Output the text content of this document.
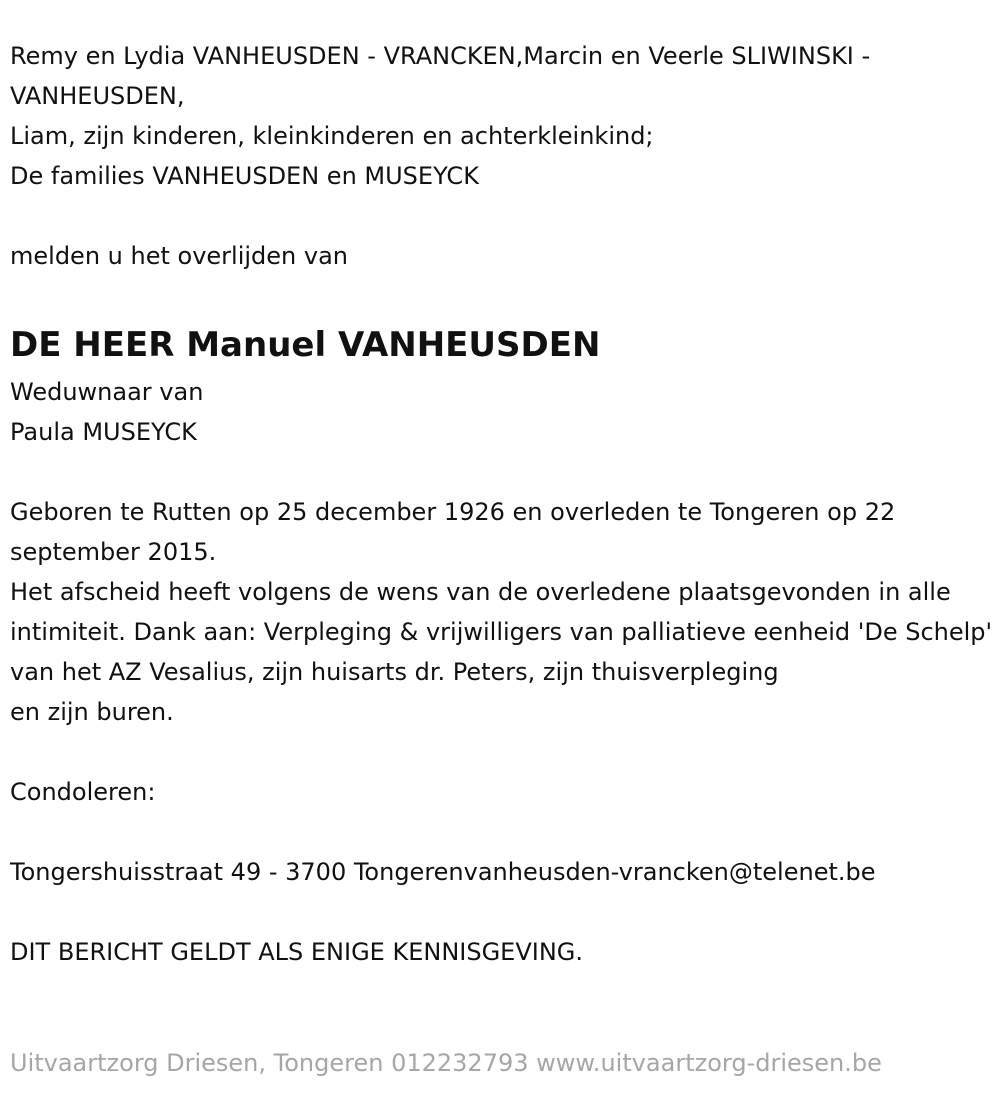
Remy en Lydia VANHEUSDEN - VRANCKEN,Marcin en Veerle SLIWINSKI - VANHEUSDEN,
Liam, zijn kinderen, kleinkinderen en achterkleinkind;
De families VANHEUSDEN en MUSEYCK
melden u het overlijden van
DE HEER Manuel VANHEUSDEN
Weduwnaar van
Paula MUSEYCK
Geboren te Rutten op 25 december 1926 en overleden te Tongeren op 22 september 2015.
Het afscheid heeft volgens de wens van de overledene plaatsgevonden in alle intimiteit. Dank aan: Verpleging & vrijwilligers van palliatieve eenheid 'De Schelp' van het AZ Vesalius, zijn huisarts dr. Peters, zijn thuisverpleging
en zijn buren.
Condoleren:
Tongershuisstraat 49 - 3700 Tongerenvanheusden-vrancken@telenet.be
DIT BERICHT GELDT ALS ENIGE KENNISGEVING.
Uitvaartzorg Driesen, Tongeren 012232793 www.uitvaartzorg-driesen.be
